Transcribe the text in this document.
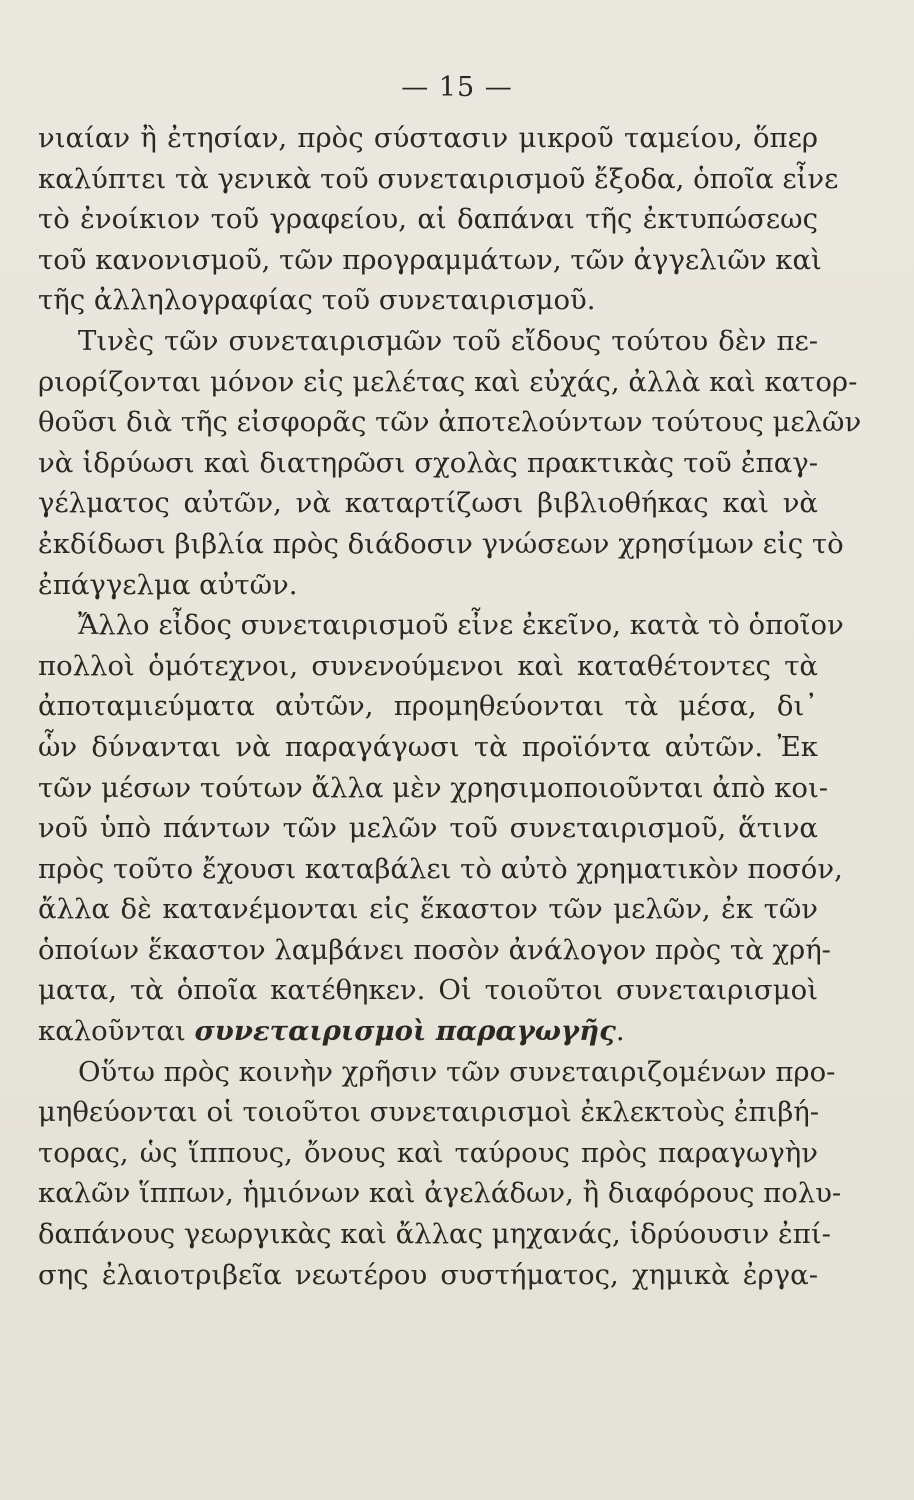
— 15 —
νιαίαν ἢ ἐτησίαν, πρὸς σύστασιν μικροῦ ταμείου, ὅπερ
καλύπτει τὰ γενικὰ τοῦ συνεταιρισμοῦ ἔξοδα, ὁποῖα εἶνε
τὸ ἐνοίκιον τοῦ γραφείου, αἱ δαπάναι τῆς ἐκτυπώσεως
τοῦ κανονισμοῦ, τῶν προγραμμάτων, τῶν ἀγγελιῶν καὶ
τῆς ἀλληλογραφίας τοῦ συνεταιρισμοῦ.
Τινὲς τῶν συνεταιρισμῶν τοῦ εἴδους τούτου δὲν πε-
ριορίζονται μόνον εἰς μελέτας καὶ εὐχάς, ἀλλὰ καὶ κατορ-
θοῦσι διὰ τῆς εἰσφορᾶς τῶν ἀποτελούντων τούτους μελῶν
νὰ ἱδρύωσι καὶ διατηρῶσι σχολὰς πρακτικὰς τοῦ ἐπαγ-
γέλματος αὐτῶν, νὰ καταρτίζωσι βιβλιοθήκας καὶ νὰ
ἐκδίδωσι βιβλία πρὸς διάδοσιν γνώσεων χρησίμων εἰς τὸ
ἐπάγγελμα αὐτῶν.
Ἄλλο εἶδος συνεταιρισμοῦ εἶνε ἐκεῖνο, κατὰ τὸ ὁποῖον
πολλοὶ ὁμότεχνοι, συνενούμενοι καὶ καταθέτοντες τὰ
ἀποταμιεύματα αὐτῶν, προμηθεύονται τὰ μέσα, δι᾽
ὧν δύνανται νὰ παραγάγωσι τὰ προϊόντα αὐτῶν. Ἐκ
τῶν μέσων τούτων ἄλλα μὲν χρησιμοποιοῦνται ἀπὸ κοι-
νοῦ ὑπὸ πάντων τῶν μελῶν τοῦ συνεταιρισμοῦ, ἅτινα
πρὸς τοῦτο ἔχουσι καταβάλει τὸ αὐτὸ χρηματικὸν ποσόν,
ἄλλα δὲ κατανέμονται εἰς ἕκαστον τῶν μελῶν, ἐκ τῶν
ὁποίων ἕκαστον λαμβάνει ποσὸν ἀνάλογον πρὸς τὰ χρή-
ματα, τὰ ὁποῖα κατέθηκεν. Οἱ τοιοῦτοι συνεταιρισμοὶ
καλοῦνται συνεταιρισμοὶ παραγωγῆς.
Οὕτω πρὸς κοινὴν χρῆσιν τῶν συνεταιριζομένων προ-
μηθεύονται οἱ τοιοῦτοι συνεταιρισμοὶ ἐκλεκτοὺς ἐπιβή-
τορας, ὡς ἵππους, ὄνους καὶ ταύρους πρὸς παραγωγὴν
καλῶν ἵππων, ἡμιόνων καὶ ἀγελάδων, ἢ διαφόρους πολυ-
δαπάνους γεωργικὰς καὶ ἄλλας μηχανάς, ἱδρύουσιν ἐπί-
σης ἐλαιοτριβεῖα νεωτέρου συστήματος, χημικὰ ἐργα-
